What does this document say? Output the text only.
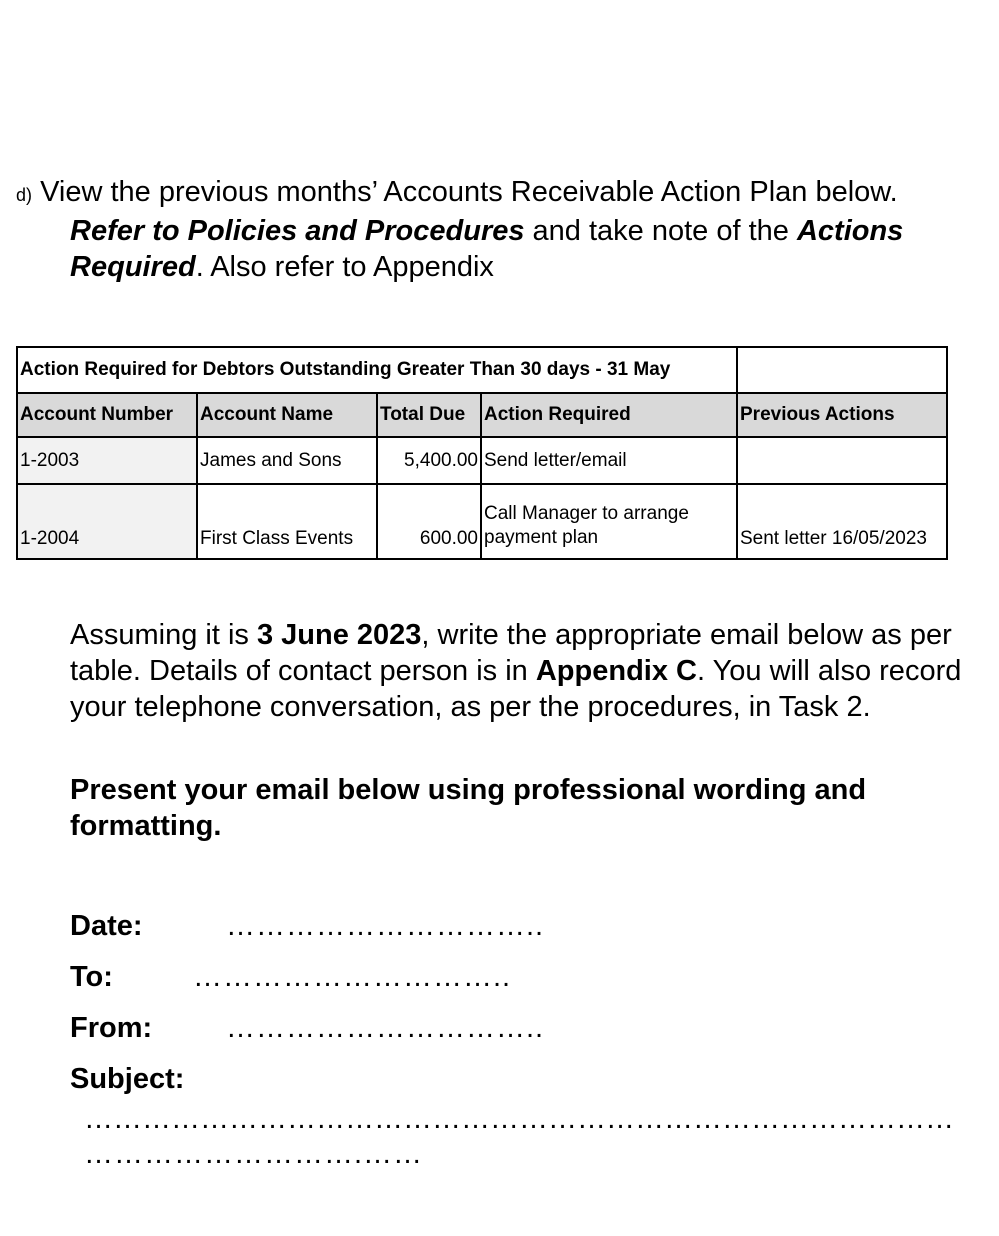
d) View the previous months’ Accounts Receivable Action Plan below.
Refer to Policies and Procedures and take note of the Actions
Required. Also refer to Appendix
Action Required for Debtors Outstanding Greater Than 30 days - 31 May				
Account Number	Account Name	Total Due	Action Required	Previous Actions
1-2003	James and Sons	5,400.00	Send letter/email	
1-2004	First Class Events	600.00	Call Manager to arrange payment plan	Sent letter 16/05/2023
Assuming it is 3 June 2023, write the appropriate email below as per table. Details of contact person is in Appendix C. You will also record your telephone conversation, as per the procedures, in Task 2.
Present your email below using professional wording and formatting.
Date:	…………………………..
To:	…………………………..
From:	…………………………..
Subject:
………………………………………………………………………………
……………………….……
